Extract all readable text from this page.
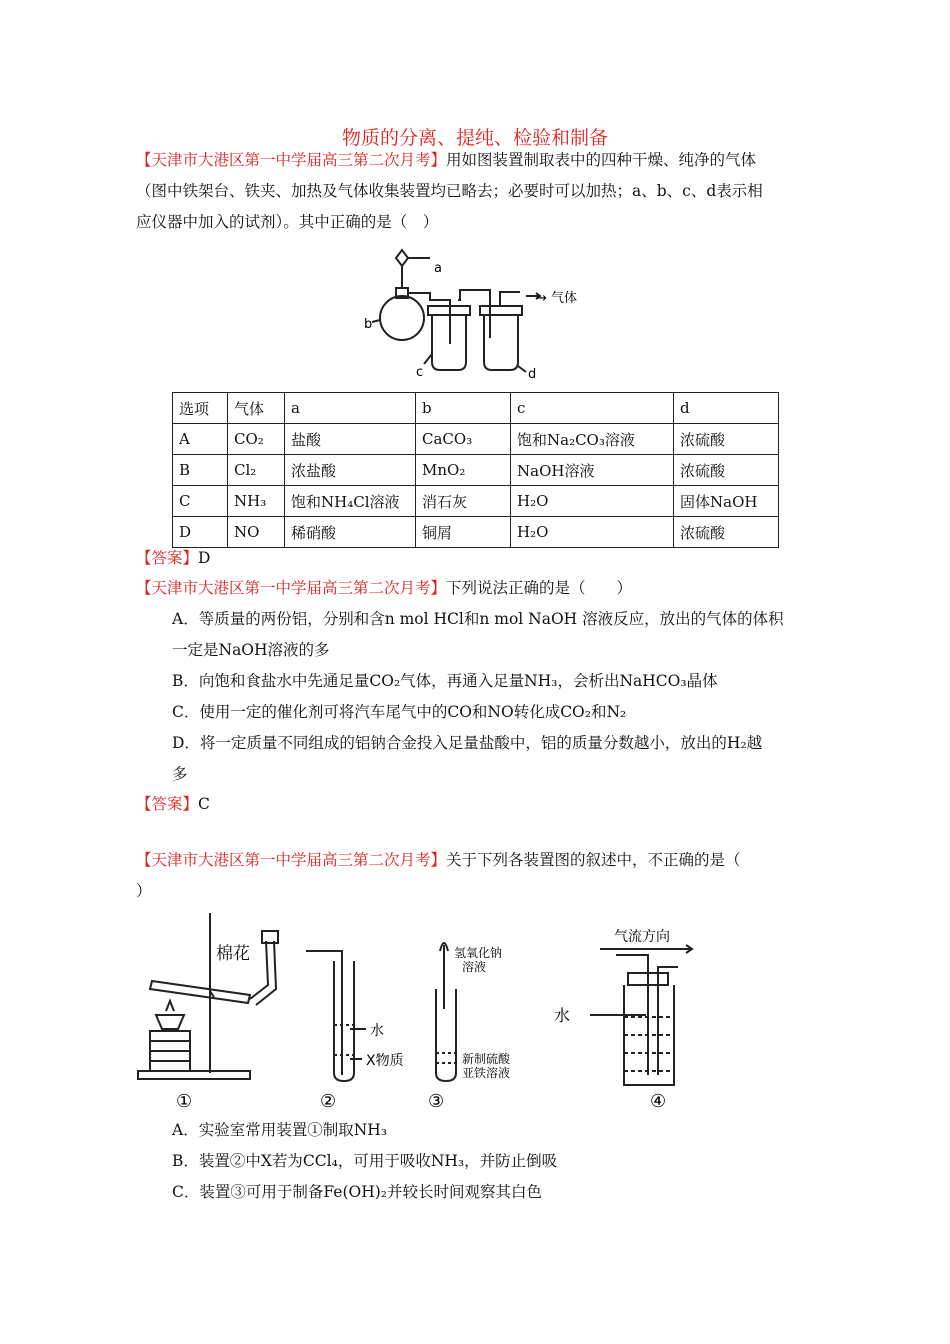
物质的分离、提纯、检验和制备
【天津市大港区第一中学届高三第二次月考】用如图装置制取表中的四种干燥、纯净的气体
（图中铁架台、铁夹、加热及气体收集装置均已略去；必要时可以加热；a、b、c、d表示相
应仪器中加入的试剂）。其中正确的是（　）
a
b
c	d
→ 气体
选项	气体	a	b	c	d
A	CO₂	盐酸	CaCO₃	饱和Na₂CO₃溶液	浓硫酸
B	Cl₂	浓盐酸	MnO₂	NaOH溶液	浓硫酸
C	NH₃	饱和NH₄Cl溶液	消石灰	H₂O	固体NaOH
D	NO	稀硝酸	铜屑	H₂O	浓硫酸
【答案】D
【天津市大港区第一中学届高三第二次月考】下列说法正确的是（　　）
A．等质量的两份铝，分别和含n mol HCl和n mol NaOH 溶液反应，放出的气体的体积
一定是NaOH溶液的多
B．向饱和食盐水中先通足量CO₂气体，再通入足量NH₃，会析出NaHCO₃晶体
C．使用一定的催化剂可将汽车尾气中的CO和NO转化成CO₂和N₂
D．将一定质量不同组成的铝钠合金投入足量盐酸中，铝的质量分数越小，放出的H₂越
多
【答案】C
【天津市大港区第一中学届高三第二次月考】关于下列各装置图的叙述中，不正确的是（
）
棉花
水
X物质
氢氧化钠
溶液
新制硫酸
亚铁溶液
气流方向
水
①	②	③	④
A．实验室常用装置①制取NH₃
B．装置②中X若为CCl₄，可用于吸收NH₃，并防止倒吸
C．装置③可用于制备Fe(OH)₂并较长时间观察其白色
